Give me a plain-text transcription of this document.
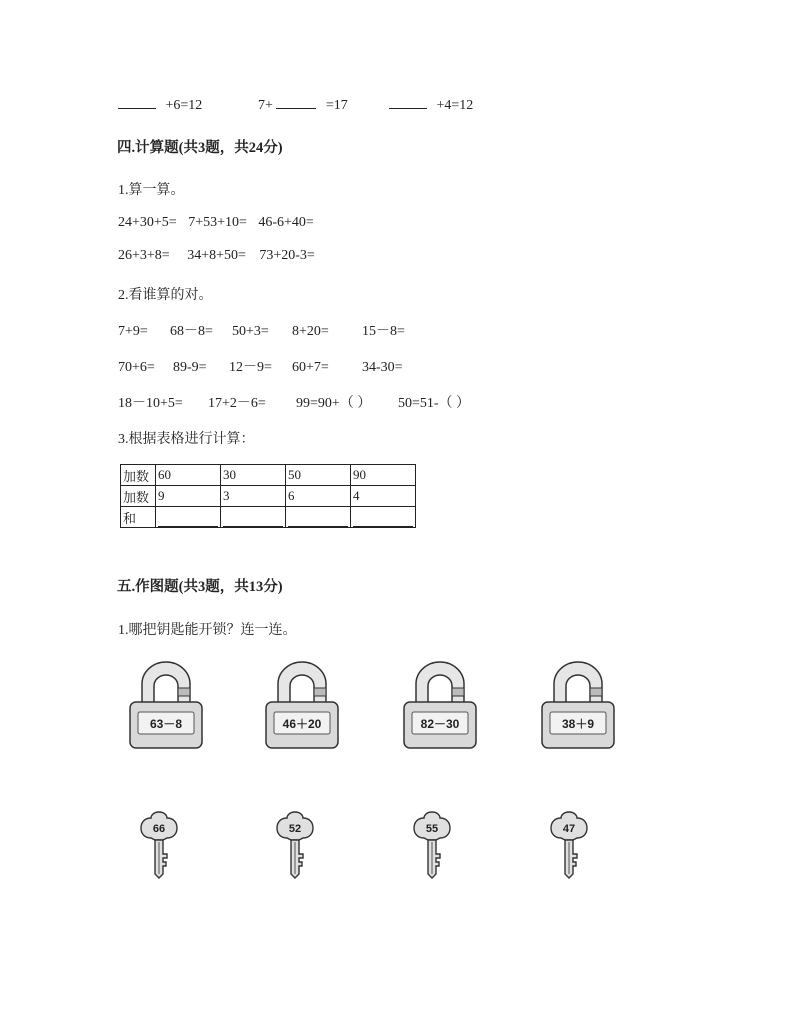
+6=12	7+	=17	+4=12
四.计算题(共3题，共24分)
1.算一算。
24+30+5= 7+53+10= 46-6+40=
26+3+8= 34+8+50= 73+20-3=
2.看谁算的对。
7+9= 68－8= 50+3= 8+20= 15－8=
70+6= 89-9= 12－9= 60+7= 34-30=
18－10+5= 17+2－6= 99=90+（ ） 50=51-（ ）
3.根据表格进行计算：
加数	60	30	50	90
加数	9	3	6	4
和	

五.作图题(共3题，共13分)
1.哪把钥匙能开锁？连一连。
63－8	46＋20	82－30	38＋9
66	52	55	47
